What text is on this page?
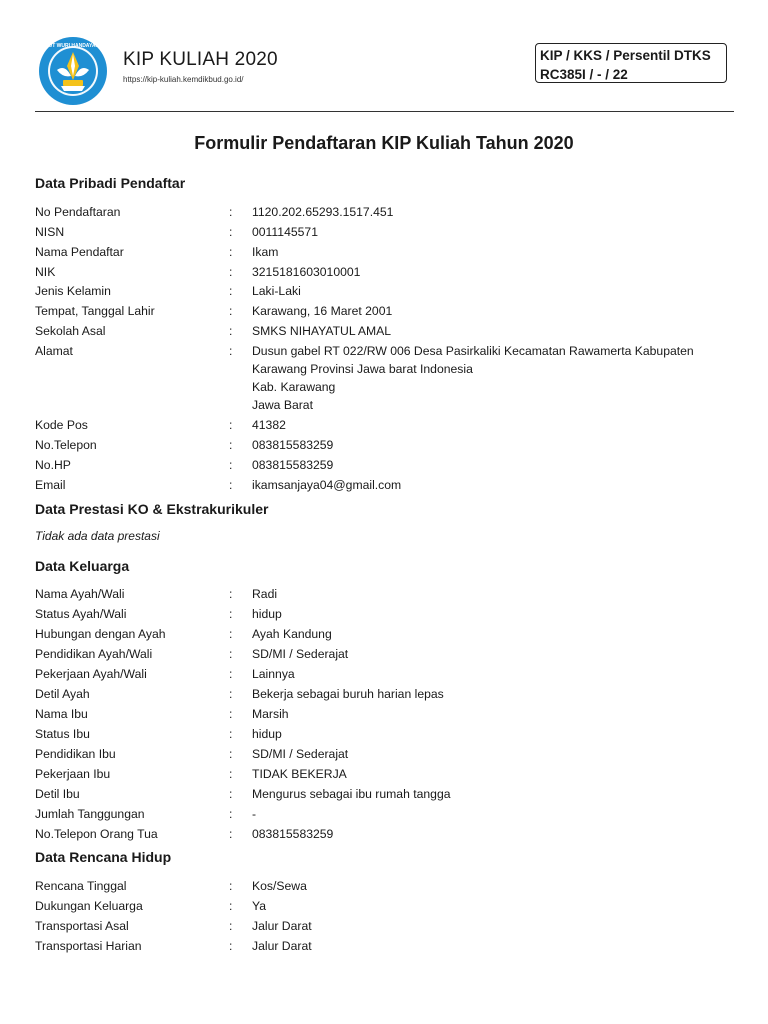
TUT WURI HANDAYANI
KIP KULIAH 2020
https://kip-kuliah.kemdikbud.go.id/
KIP / KKS / Persentil DTKS
RC385I / - / 22
Formulir Pendaftaran KIP Kuliah Tahun 2020
Data Pribadi Pendaftar
No Pendaftaran	: 1120.202.65293.1517.451
NISN	: 0011145571
Nama Pendaftar	: Ikam
NIK	: 3215181603010001
Jenis Kelamin	: Laki-Laki
Tempat, Tanggal Lahir	: Karawang, 16 Maret 2001
Sekolah Asal	: SMKS NIHAYATUL AMAL
Alamat	: Dusun gabel RT 022/RW 006 Desa Pasirkaliki Kecamatan Rawamerta Kabupaten
Karawang Provinsi Jawa barat Indonesia
Kab. Karawang
Jawa Barat
Kode Pos	: 41382
No.Telepon	: 083815583259
No.HP	: 083815583259
Email	: ikamsanjaya04@gmail.com
Data Prestasi KO & Ekstrakurikuler
Tidak ada data prestasi
Data Keluarga
Nama Ayah/Wali	: Radi
Status Ayah/Wali	: hidup
Hubungan dengan Ayah	: Ayah Kandung
Pendidikan Ayah/Wali	: SD/MI / Sederajat
Pekerjaan Ayah/Wali	: Lainnya
Detil Ayah	: Bekerja sebagai buruh harian lepas
Nama Ibu	: Marsih
Status Ibu	: hidup
Pendidikan Ibu	: SD/MI / Sederajat
Pekerjaan Ibu	: TIDAK BEKERJA
Detil Ibu	: Mengurus sebagai ibu rumah tangga
Jumlah Tanggungan	: -
No.Telepon Orang Tua	: 083815583259
Data Rencana Hidup
Rencana Tinggal	: Kos/Sewa
Dukungan Keluarga	: Ya
Transportasi Asal	: Jalur Darat
Transportasi Harian	: Jalur Darat
